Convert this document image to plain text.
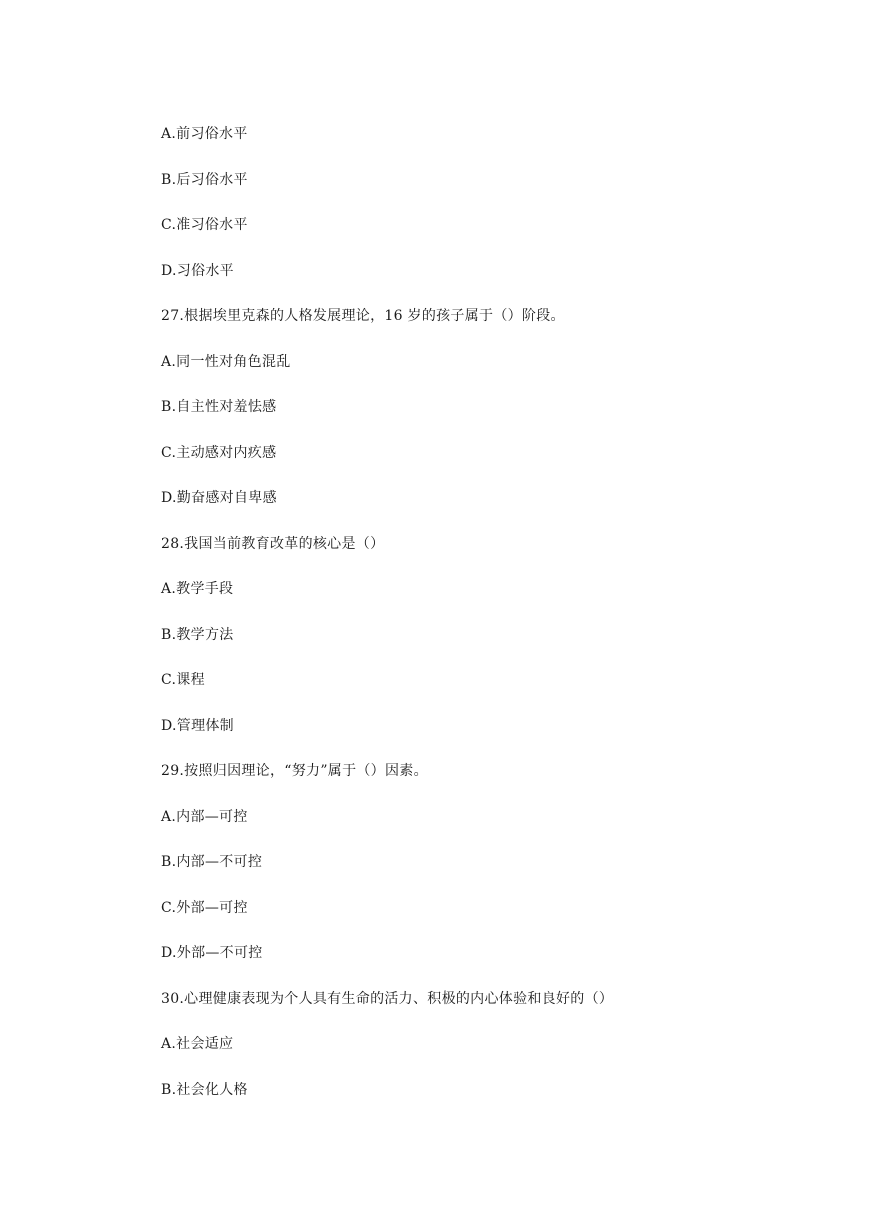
A.前习俗水平
B.后习俗水平
C.准习俗水平
D.习俗水平
27.根据埃里克森的人格发展理论，16 岁的孩子属于（）阶段。
A.同一性对角色混乱
B.自主性对羞怯感
C.主动感对内疚感
D.勤奋感对自卑感
28.我国当前教育改革的核心是（）
A.教学手段
B.教学方法
C.课程
D.管理体制
29.按照归因理论，“努力”属于（）因素。
A.内部—可控
B.内部—不可控
C.外部—可控
D.外部—不可控
30.心理健康表现为个人具有生命的活力、积极的内心体验和良好的（）
A.社会适应
B.社会化人格
